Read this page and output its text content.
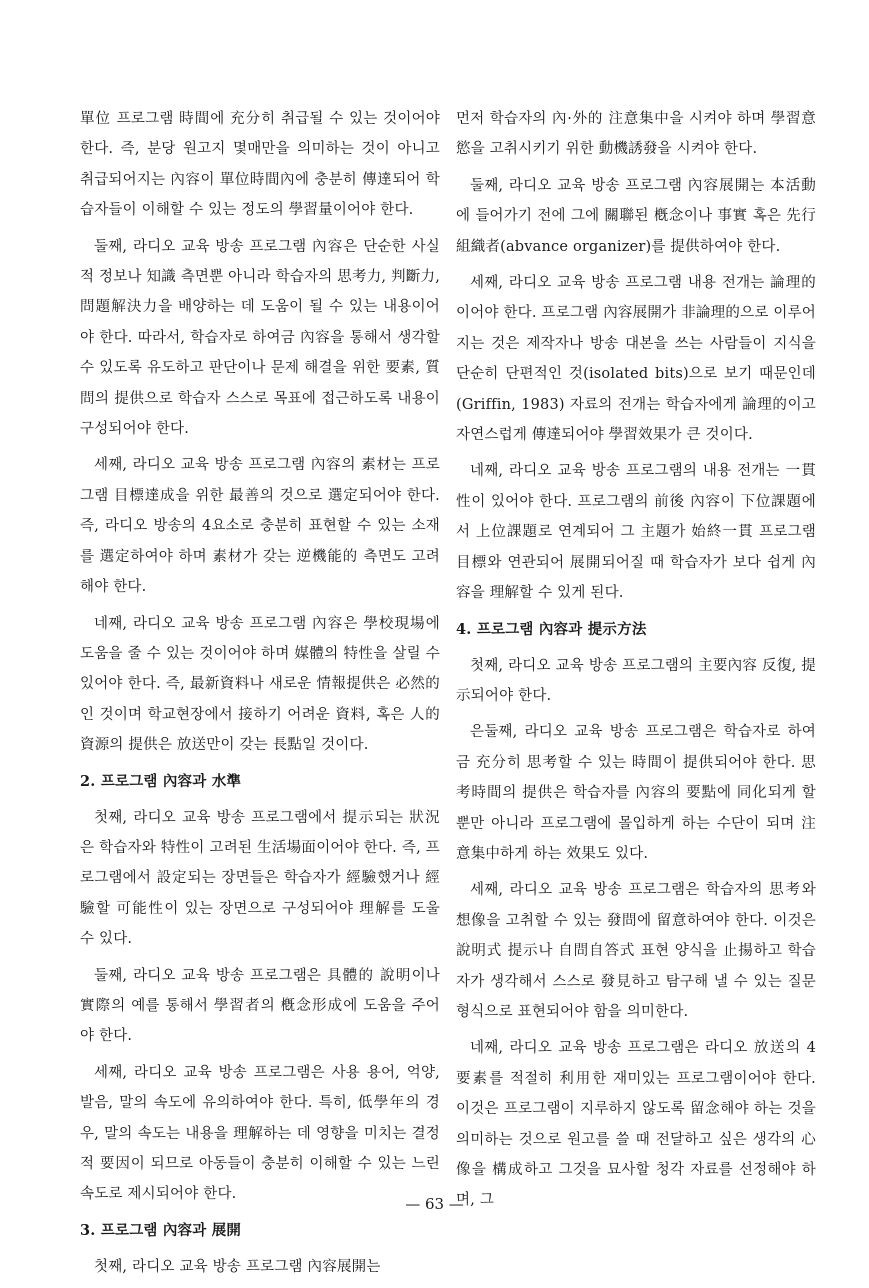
單位 프로그램 時間에 充分히 취급될 수 있는 것이어야 한다. 즉, 분당 원고지 몇매만을 의미하는 것이 아니고 취급되어지는 內容이 單位時間內에 충분히 傳達되어 학습자들이 이해할 수 있는 정도의 學習量이어야 한다.

둘째, 라디오 교육 방송 프로그램 內容은 단순한 사실적 정보나 知識 측면뿐 아니라 학습자의 思考力, 判斷力, 問題解決力을 배양하는 데 도움이 될 수 있는 내용이어야 한다. 따라서, 학습자로 하여금 內容을 통해서 생각할 수 있도록 유도하고 판단이나 문제 해결을 위한 要素, 質問의 提供으로 학습자 스스로 목표에 접근하도록 내용이 구성되어야 한다.

세째, 라디오 교육 방송 프로그램 內容의 素材는 프로그램 目標達成을 위한 最善의 것으로 選定되어야 한다. 즉, 라디오 방송의 4요소로 충분히 표현할 수 있는 소재를 選定하여야 하며 素材가 갖는 逆機能的 측면도 고려해야 한다.

네째, 라디오 교육 방송 프로그램 內容은 學校現場에 도움을 줄 수 있는 것이어야 하며 媒體의 特性을 살릴 수 있어야 한다. 즉, 最新資料나 새로운 情報提供은 必然的인 것이며 학교현장에서 接하기 어려운 資料, 혹은 人的 資源의 提供은 放送만이 갖는 長點일 것이다.

2. 프로그램 內容과 水準

첫째, 라디오 교육 방송 프로그램에서 提示되는 狀況은 학습자와 特性이 고려된 生活場面이어야 한다. 즉, 프로그램에서 設定되는 장면들은 학습자가 經驗했거나 經驗할 可能性이 있는 장면으로 구성되어야 理解를 도울 수 있다.

둘째, 라디오 교육 방송 프로그램은 具體的 說明이나 實際의 예를 통해서 學習者의 槪念形成에 도움을 주어야 한다.

세째, 라디오 교육 방송 프로그램은 사용 용어, 억양, 발음, 말의 속도에 유의하여야 한다. 특히, 低學年의 경우, 말의 속도는 내용을 理解하는 데 영향을 미치는 결정적 要因이 되므로 아동들이 충분히 이해할 수 있는 느린 속도로 제시되어야 한다.

3. 프로그램 內容과 展開

첫째, 라디오 교육 방송 프로그램 內容展開는

먼저 학습자의 內·外的 注意集中을 시켜야 하며 學習意慾을 고취시키기 위한 動機誘發을 시켜야 한다.

둘째, 라디오 교육 방송 프로그램 內容展開는 本活動에 들어가기 전에 그에 關聯된 槪念이나 事實 혹은 先行組織者(abvance organizer)를 提供하여야 한다.

세째, 라디오 교육 방송 프로그램 내용 전개는 論理的이어야 한다. 프로그램 內容展開가 非論理的으로 이루어지는 것은 제작자나 방송 대본을 쓰는 사람들이 지식을 단순히 단편적인 것(isolated bits)으로 보기 때문인데(Griffin, 1983) 자료의 전개는 학습자에게 論理的이고 자연스럽게 傳達되어야 學習效果가 큰 것이다.

네째, 라디오 교육 방송 프로그램의 내용 전개는 一貫性이 있어야 한다. 프로그램의 前後 內容이 下位課題에서 上位課題로 연계되어 그 主題가 始終一貫 프로그램 目標와 연관되어 展開되어질 때 학습자가 보다 쉽게 內容을 理解할 수 있게 된다.

4. 프로그램 內容과 提示方法

첫째, 라디오 교육 방송 프로그램의 主要內容 反復, 提示되어야 한다.

은둘째, 라디오 교육 방송 프로그램은 학습자로 하여금 充分히 思考할 수 있는 時間이 提供되어야 한다. 思考時間의 提供은 학습자를 內容의 要點에 同化되게 할 뿐만 아니라 프로그램에 몰입하게 하는 수단이 되며 注意集中하게 하는 效果도 있다.

세째, 라디오 교육 방송 프로그램은 학습자의 思考와 想像을 고취할 수 있는 發問에 留意하여야 한다. 이것은 說明式 提示나 自問自答式 표현 양식을 止揚하고 학습자가 생각해서 스스로 發見하고 탐구해 낼 수 있는 질문 형식으로 표현되어야 함을 의미한다.

네째, 라디오 교육 방송 프로그램은 라디오 放送의 4要素를 적절히 利用한 재미있는 프로그램이어야 한다. 이것은 프로그램이 지루하지 않도록 留念해야 하는 것을 의미하는 것으로 원고를 쓸 때 전달하고 싶은 생각의 心像을 構成하고 그것을 묘사할 청각 자료를 선정해야 하며, 그

— 63 —
